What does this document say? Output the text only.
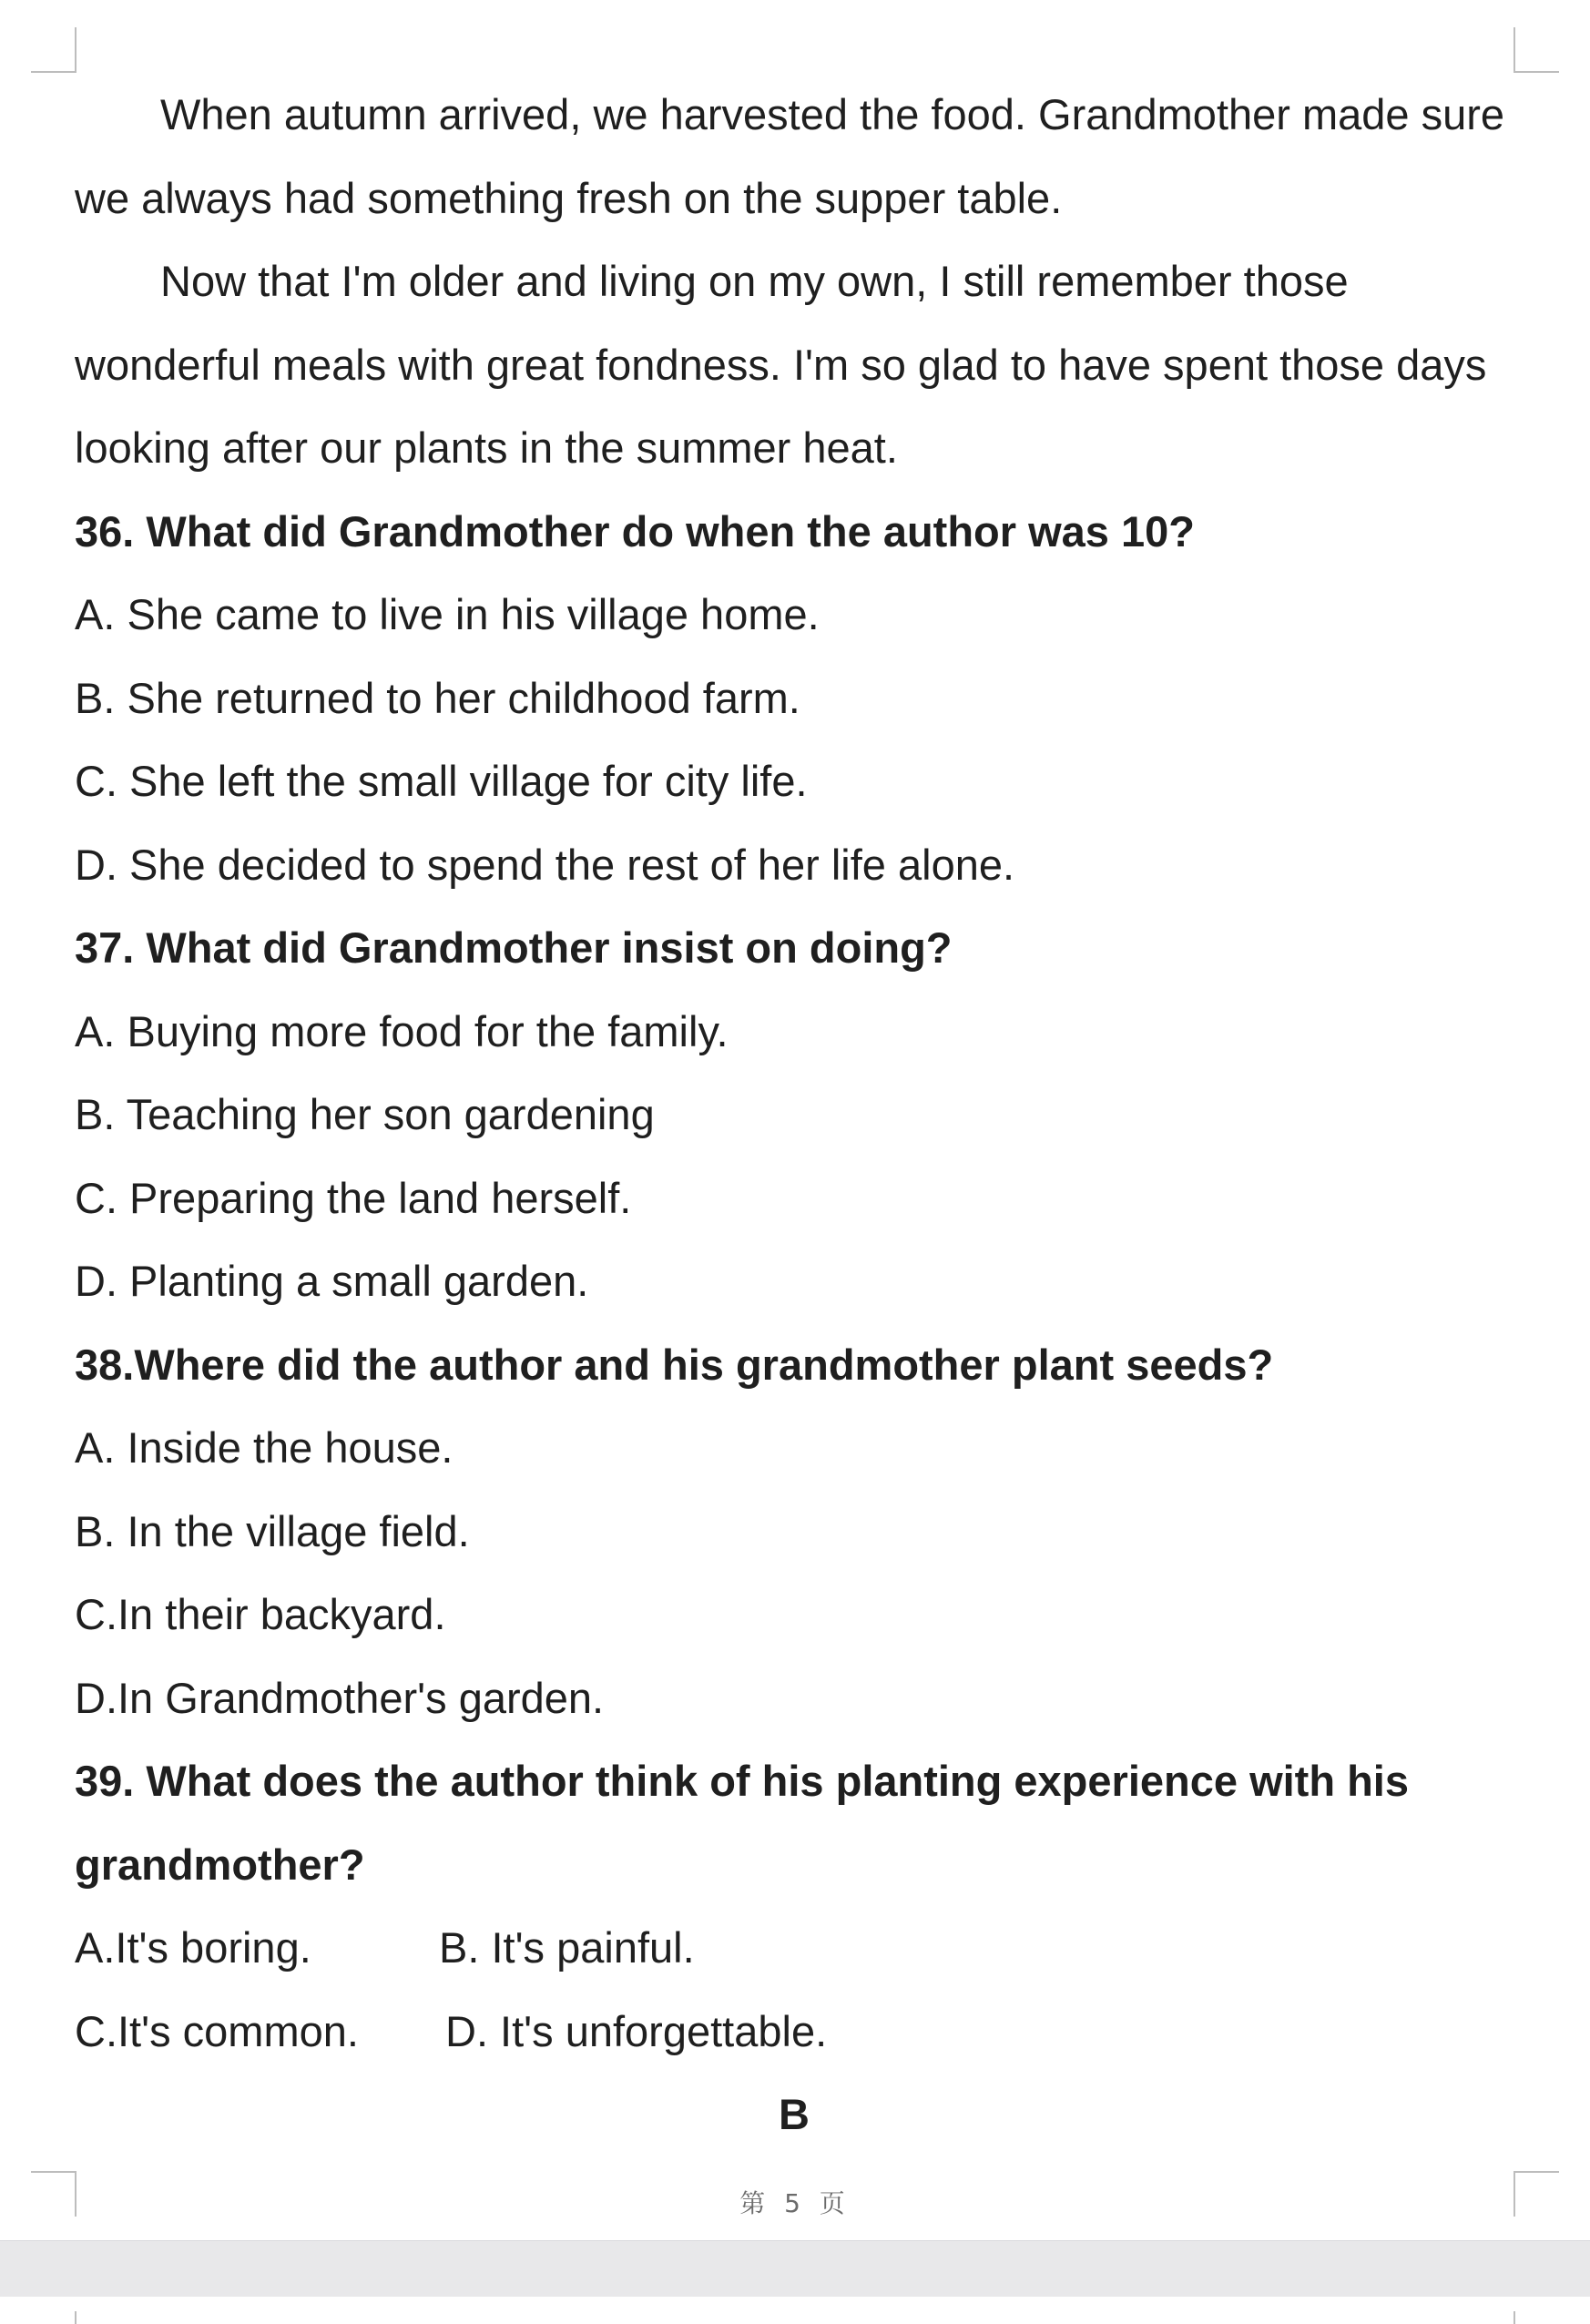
When autumn arrived, we harvested the food. Grandmother made sure we always had something fresh on the supper table.

Now that I'm older and living on my own, I still remember those wonderful meals with great fondness. I'm so glad to have spent those days looking after our plants in the summer heat.

36. What did Grandmother do when the author was 10?

A. She came to live in his village home.

B. She returned to her childhood farm.

C. She left the small village for city life.

D. She decided to spend the rest of her life alone.

37. What did Grandmother insist on doing?

A. Buying more food for the family.

B. Teaching her son gardening

C. Preparing the land herself.

D. Planting a small garden.

38.Where did the author and his grandmother plant seeds?

A. Inside the house.

B. In the village field.

C.In their backyard.

D.In Grandmother's garden.

39. What does the author think of his planting experience with his grandmother?

A.It's boring.	B. It's painful.
C.It's common.	D. It's unforgettable.

B

第 5 页
